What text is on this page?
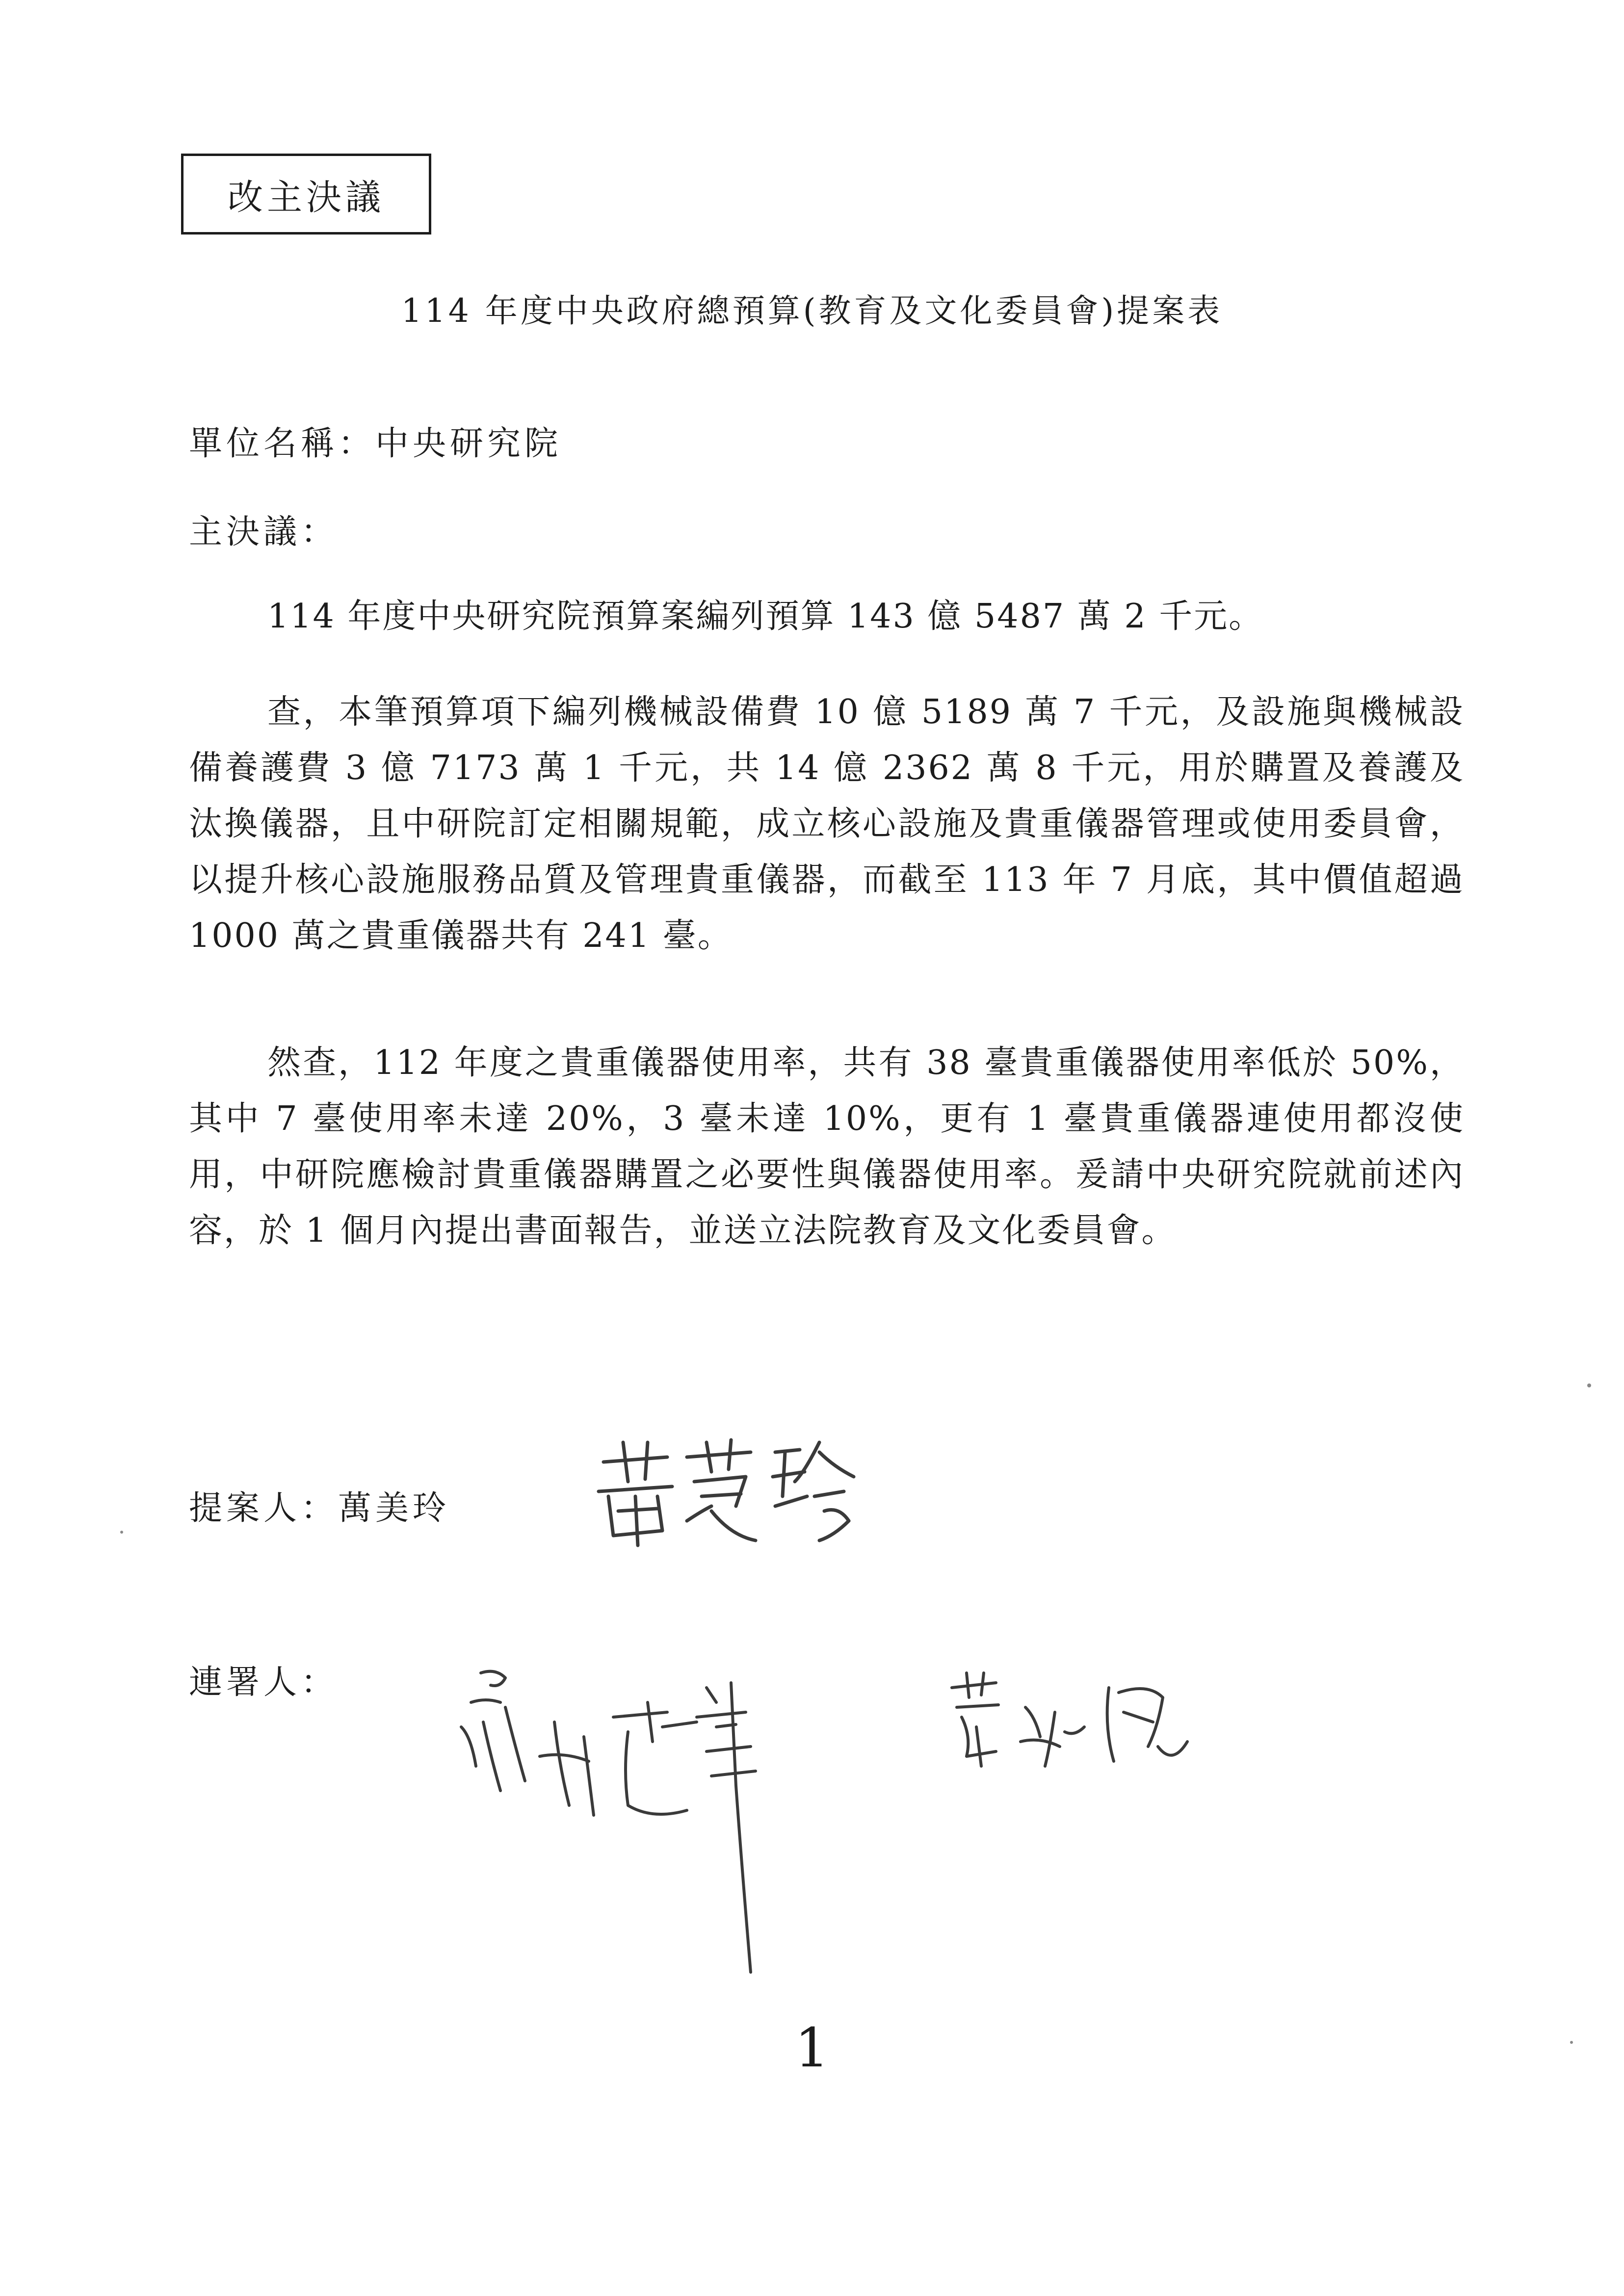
改主決議
114 年度中央政府總預算(教育及文化委員會)提案表
單位名稱：中央研究院
主決議：
114 年度中央研究院預算案編列預算 143 億 5487 萬 2 千元。
查，本筆預算項下編列機械設備費 10 億 5189 萬 7 千元，及設施與機械設備養護費 3 億 7173 萬 1 千元，共 14 億 2362 萬 8 千元，用於購置及養護及汰換儀器，且中研院訂定相關規範，成立核心設施及貴重儀器管理或使用委員會，以提升核心設施服務品質及管理貴重儀器，而截至 113 年 7 月底，其中價值超過 1000 萬之貴重儀器共有 241 臺。
然查，112 年度之貴重儀器使用率，共有 38 臺貴重儀器使用率低於 50%，其中 7 臺使用率未達 20%，3 臺未達 10%，更有 1 臺貴重儀器連使用都沒使用，中研院應檢討貴重儀器購置之必要性與儀器使用率。爰請中央研究院就前述內容，於 1 個月內提出書面報告，並送立法院教育及文化委員會。
提案人：萬美玲
連署人：
1
